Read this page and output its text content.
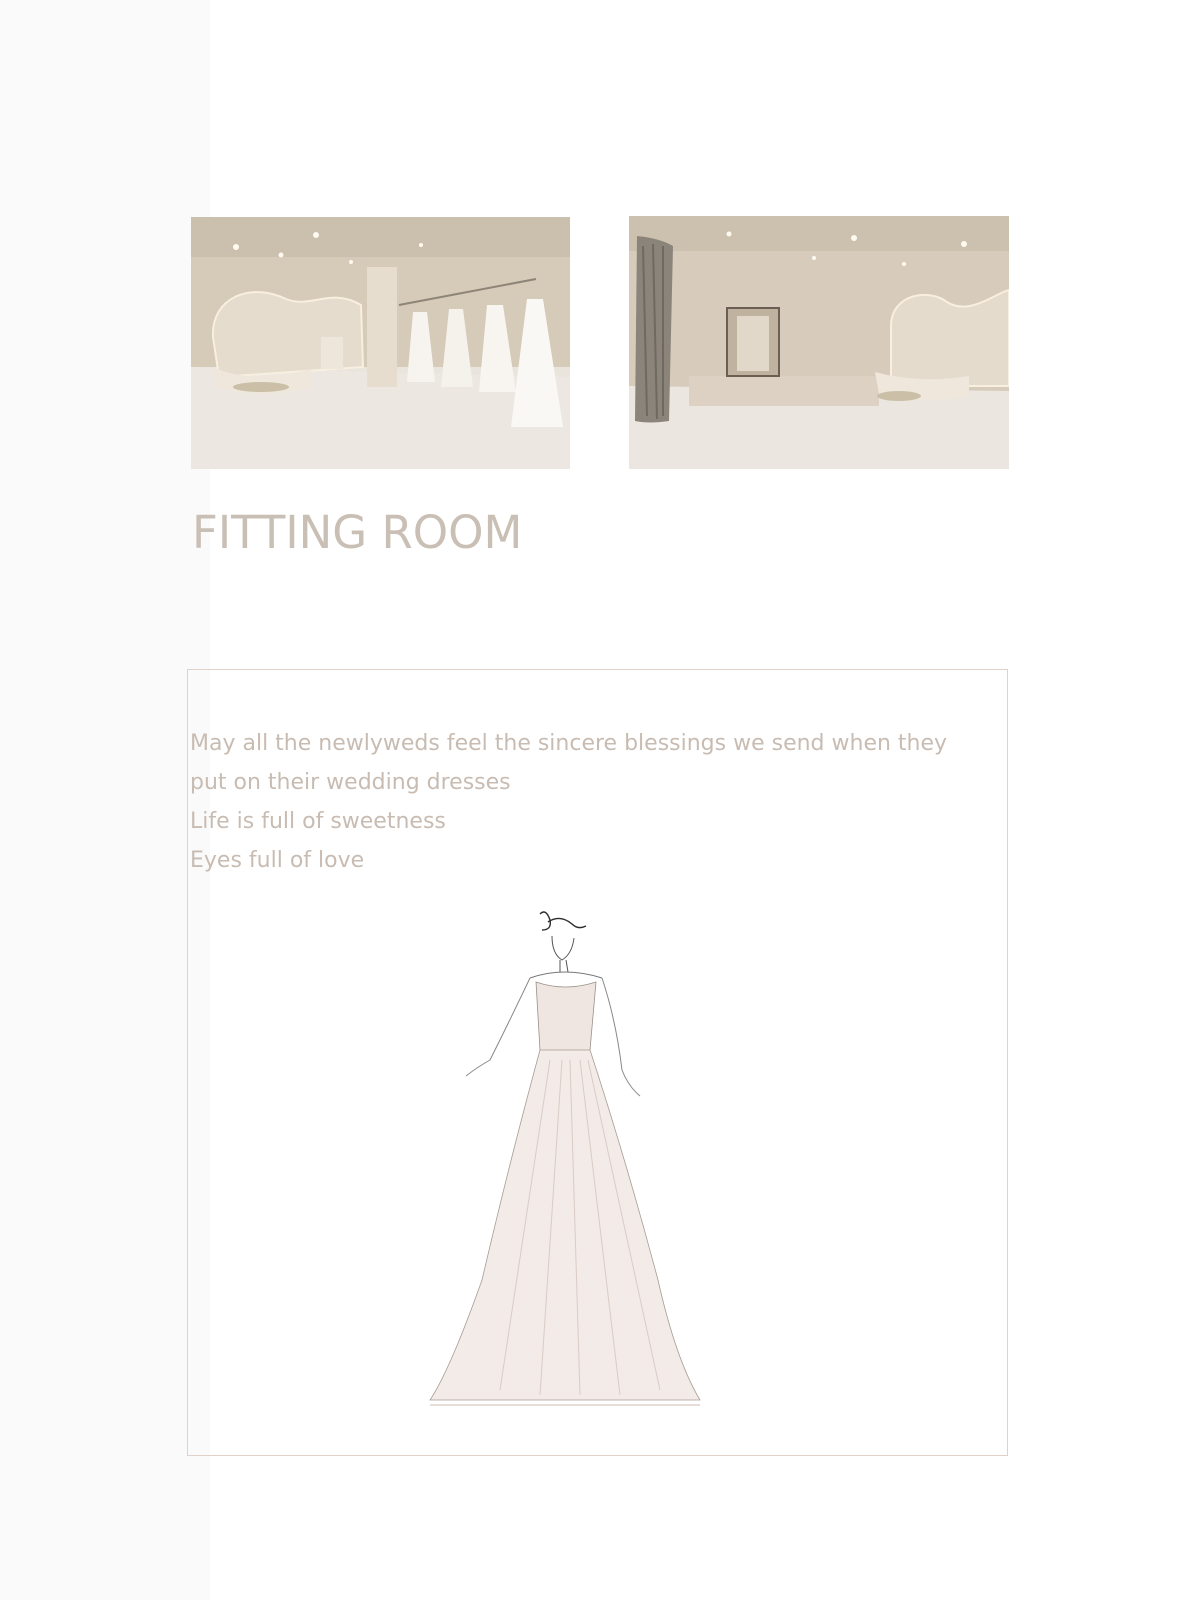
FITTING ROOM
May all the newlyweds feel the sincere blessings we send when they
put on their wedding dresses
Life is full of sweetness
Eyes full of love
